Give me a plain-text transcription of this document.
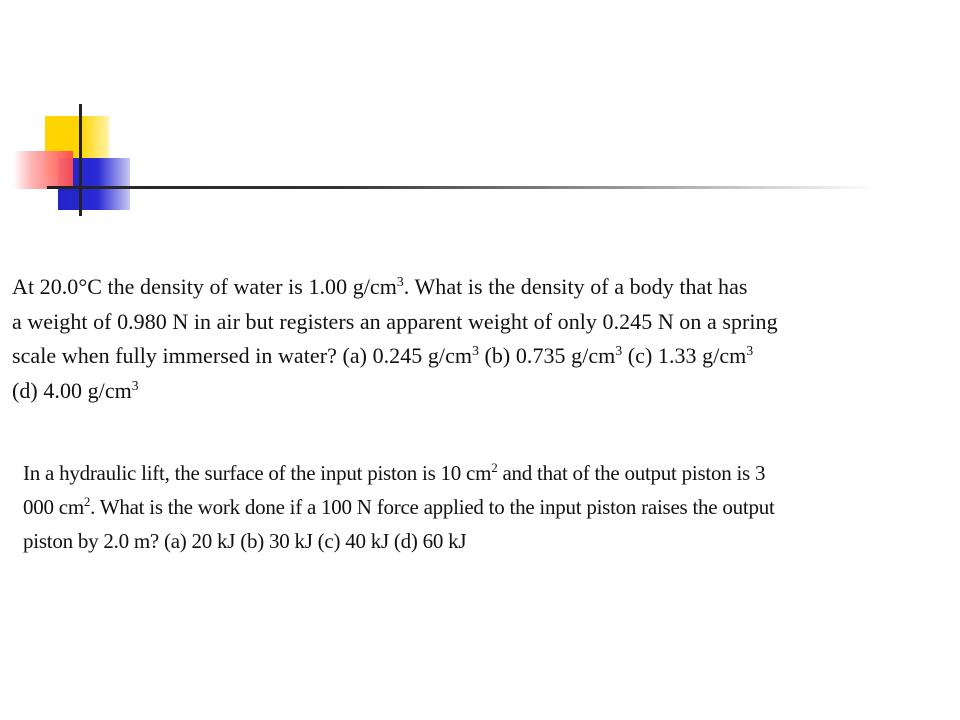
At 20.0°C the density of water is 1.00 $g/cm^3$. What is the density of a body that has
a weight of 0.980 N in air but registers an apparent weight of only 0.245 N on a spring
scale when fully immersed in water? (a) 0.245 $g/cm^3$ (b) 0.735 $g/cm^3$ (c) 1.33 $g/cm^3$
(d) 4.00 $g/cm^3$
In a hydraulic lift, the surface of the input piston is 10 $cm^2$ and that of the output piston is 3
000 $cm^2$. What is the work done if a 100 N force applied to the input piston raises the output
piston by 2.0 m? (a) 20 kJ (b) 30 kJ (c) 40 kJ (d) 60 kJ
